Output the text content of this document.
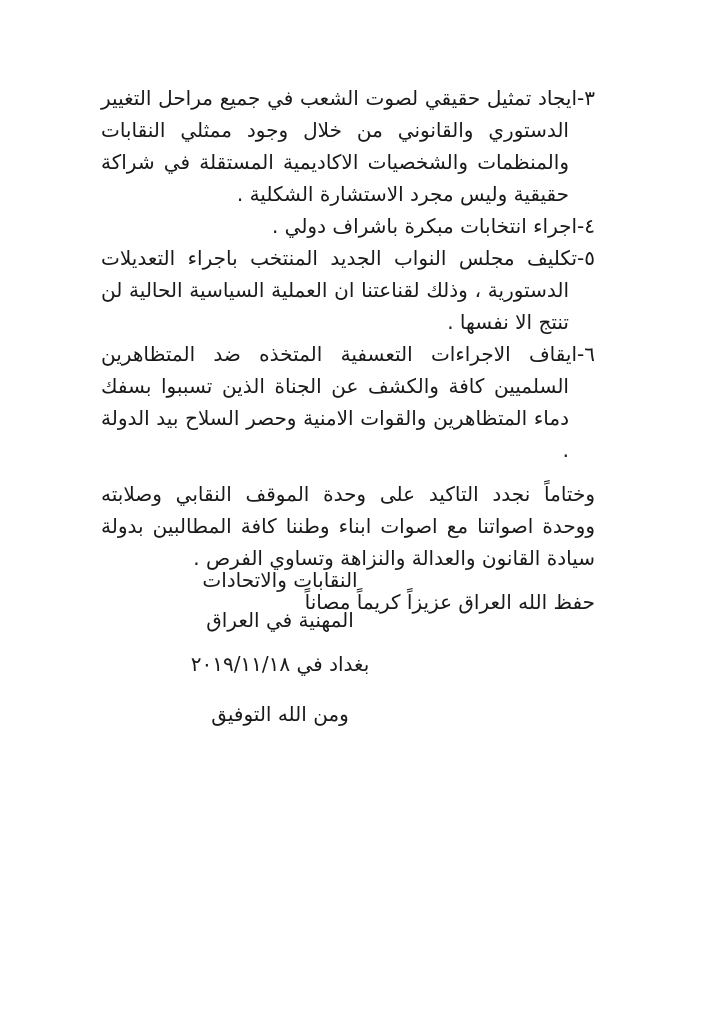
٣-ايجاد تمثيل حقيقي لصوت الشعب في جميع مراحل التغيير الدستوري والقانوني من خلال وجود ممثلي النقابات والمنظمات والشخصيات الاكاديمية المستقلة في شراكة حقيقية وليس مجرد الاستشارة الشكلية .

٤-اجراء انتخابات مبكرة باشراف دولي .

٥-تكليف مجلس النواب الجديد المنتخب باجراء التعديلات الدستورية ، وذلك لقناعتنا ان العملية السياسية الحالية لن تنتج الا نفسها .

٦-ايقاف الاجراءات التعسفية المتخذه ضد المتظاهرين السلميين كافة والكشف عن الجناة الذين تسببوا بسفك دماء المتظاهرين والقوات الامنية وحصر السلاح بيد الدولة .

وختاماً نجدد التاكيد على وحدة الموقف النقابي وصلابته ووحدة اصواتنا مع اصوات ابناء وطننا كافة المطالبين بدولة سيادة القانون والعدالة والنزاهة وتساوي الفرص .

حفظ الله العراق عزيزاً كريماً مصاناً

النقابات والاتحادات المهنية في العراق
بغداد في ٢٠١٩/١١/١٨
ومن الله التوفيق
